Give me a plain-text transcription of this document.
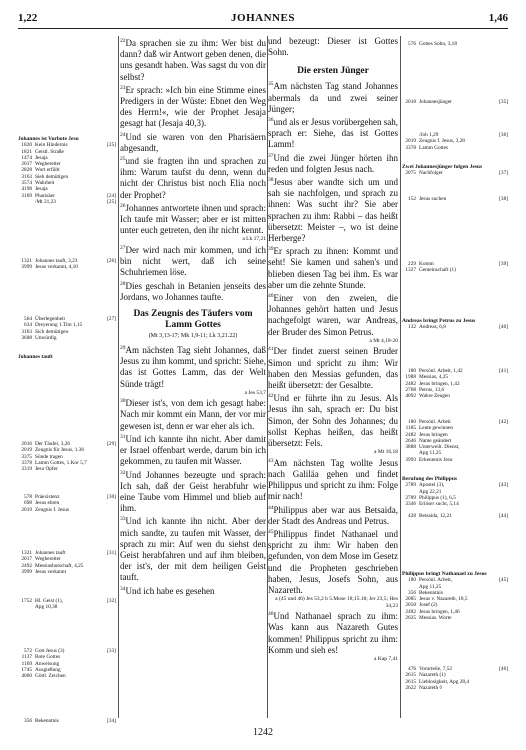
1,22	JOHANNES	1,46
Johannes ist Vorbote Jesu
1820 Kein Hindernis	[25]
1821 Geistl. Straße
1474 Jesaja
2017 Wegbereiter
2828 Wort erfüllt
3163 Sieh demütigen
3574 Wahrheit
4198 Jesaja
3169 Pharisäer	[24]
/Mt 21,23	[25]
1321 Johannes tauft, 3,23	[26]
3999 Jesus verkannt, 4,10
564 Überlegenheit	[27]
634 Dreyerung 1.Tim 1,15
3163 Sich demütigen
3608 Unwürdig
Johannes tauft
2016 Der Täufer, 3,26	[29]
2019 Zeugnis für Jesus, 1.36
3375 Sünde tragen
3378 Lamm Gottes, 1.Kor 5,7
3319 Jesu Opfer
578 Präexistenz	[30]
698 Jesus ehren
2019 Zeugnis f. Jesus
1321 Johannes tauft	[31]
2017 Wegbereiter
2492 Messiasbotschaft, 4,25
3999 Jesus verkannt
1752 Hl. Geist (1),	[32]
Apg 10,38
572 Gott Jesus (3)	[33]
1137 Bote Gottes
1169 Anweisung
1745 Ausgießung
4060 Göttl. Zeichen
356 Bekenntnis	[34]
$^{22}$Da sprachen sie zu ihm: Wer bist du dann? daß wir Antwort geben denen, die uns gesandt haben. Was sagst du von dir selbst?
$^{23}$Er sprach: »Ich bin eine Stimme eines Predigers in der Wüste: Ebnet den Weg des Herrn!«, wie der Prophet Jesaja gesagt hat (Jesaja 40,3).
$^{24}$Und sie waren von den Pharisäern abgesandt,
$^{25}$und sie fragten ihn und sprachen zu ihm: Warum taufst du denn, wenn du nicht der Christus bist noch Elia noch der Prophet?
$^{26}$Johannes antwortete ihnen und sprach: Ich taufe mit Wasser; aber er ist mitten unter euch getreten, den ihr nicht kennt.
a Lk 17,21
$^{27}$Der wird nach mir kommen, und ich bin nicht wert, daß ich seine Schuhriemen löse.
$^{28}$Dies geschah in Betanien jenseits des Jordans, wo Johannes taufte.
Das Zeugnis des Täufers vom Lamm Gottes
(Mt 3,13-17; Mk 1,9-11; Lk 3,21.22)
$^{29}$Am nächsten Tag sieht Johannes, daß Jesus zu ihm kommt, und spricht: Siehe, das ist Gottes Lamm, das der Welt Sünde trägt!
a Jes 53,7
$^{30}$Dieser ist's, von dem ich gesagt habe: Nach mir kommt ein Mann, der vor mir gewesen ist, denn er war eher als ich.
$^{31}$Und ich kannte ihn nicht. Aber damit er Israel offenbart werde, darum bin ich gekommen, zu taufen mit Wasser.
$^{32}$Und Johannes bezeugte und sprach: Ich sah, daß der Geist herabfuhr wie eine Taube vom Himmel und blieb auf ihm.
$^{33}$Und ich kannte ihn nicht. Aber der mich sandte, zu taufen mit Wasser, der sprach zu mir: Auf wen du siehst den Geist herabfahren und auf ihm bleiben, der ist's, der mit dem heiligen Geist tauft.
$^{34}$Und ich habe es gesehen
und bezeugt: Dieser ist Gottes Sohn.
Die ersten Jünger
$^{35}$Am nächsten Tag stand Johannes abermals da und zwei seiner Jünger;
$^{36}$und als er Jesus vorübergehen sah, sprach er: Siehe, das ist Gottes Lamm!
$^{37}$Und die zwei Jünger hörten ihn reden und folgten Jesus nach.
$^{38}$Jesus aber wandte sich um und sah sie nachfolgen, und sprach zu ihnen: Was sucht ihr? Sie aber sprachen zu ihm: Rabbi – das heißt übersetzt: Meister –, wo ist deine Herberge?
$^{39}$Er sprach zu ihnen: Kommt und seht! Sie kamen und sahen's und blieben diesen Tag bei ihm. Es war aber um die zehnte Stunde.
$^{40}$Einer von den zweien, die Johannes gehört hatten und Jesus nachgefolgt waren, war Andreas, der Bruder des Simon Petrus.
a Mt 4,18-20
$^{41}$Der findet zuerst seinen Bruder Simon und spricht zu ihm: Wir haben den Messias gefunden, das heißt übersetzt: der Gesalbte.
$^{42}$Und er führte ihn zu Jesus. Als Jesus ihn sah, sprach er: Du bist Simon, der Sohn des Johannes; du sollst Kephas heißen, das heißt übersetzt: Fels.
a Mt 16,18
$^{43}$Am nächsten Tag wollte Jesus nach Galiläa gehen und findet Philippus und spricht zu ihm: Folge mir nach!
$^{44}$Philippus aber war aus Betsaida, der Stadt des Andreas und Petrus.
$^{45}$Philippus findet Nathanael und spricht zu ihm: Wir haben den gefunden, von dem Mose im Gesetz und die Propheten geschrieben haben, Jesus, Josefs Sohn, aus Nazareth.
a (45 und 46) Jes 53,2 b 5.Mose 18,15.18; Jer 23,5; Hes 34,23
$^{46}$Und Nathanael sprach zu ihm: Was kann aus Nazareth Gutes kommen! Philippus spricht zu ihm: Komm und sieh es!
a Kap 7,41
576 Gottes Sohn, 3,18
2018 Johannesjünger	[35]
/Joh 1,29	[36]
2019 Zeugnis f. Jesus, 3,28
3378 Lamm Gottes
Zwei Johannesjünger folgen Jesus
2075 Nachfolger	[37]
152 Jesus suchen	[38]
229 Komm	[39]
1327 Gemeinschaft (1)
Andreas bringt Petrus zu Jesus
132 Andreas, 6,8	[40]
180 Persönl. Arbeit, 1,42	[41]
1988 Messias, 4,25
2482 Jesus bringen, 1,42
2768 Petrus, 13,6
4092 Wahre Zeugen
180 Persönl. Arbeit	[42]
1185 Leute gewinnen
2482 Jesus bringen
2646 Name geändert
3888 Unterweilt. Dienst,
Apg 11,25
3993 Erkenntnis Jesu
Berufung des Philippus
2789 Apostel (3),	[43]
Apg 22,21
2789 Philippus (1), 6,5
3346 Erlöser sucht, 5,14
428 Betsaida, 12,21	[44]
Philippus bringt Nathanael zu Jesus
180 Persönl. Arbeit,	[45]
Apg 11,25
356 Bekenntnis
2085 Jesus v. Nazareth, 18,5
2058 Josef (2)
2482 Jesus bringen, 1,46
2625 Messias. Worte
476 Vorurteile, 7,52	[46]
2615 Nazareth (1)
2615 Lieblosigkeit, Apg 28,4
2622 Nazareth ◊
1242
